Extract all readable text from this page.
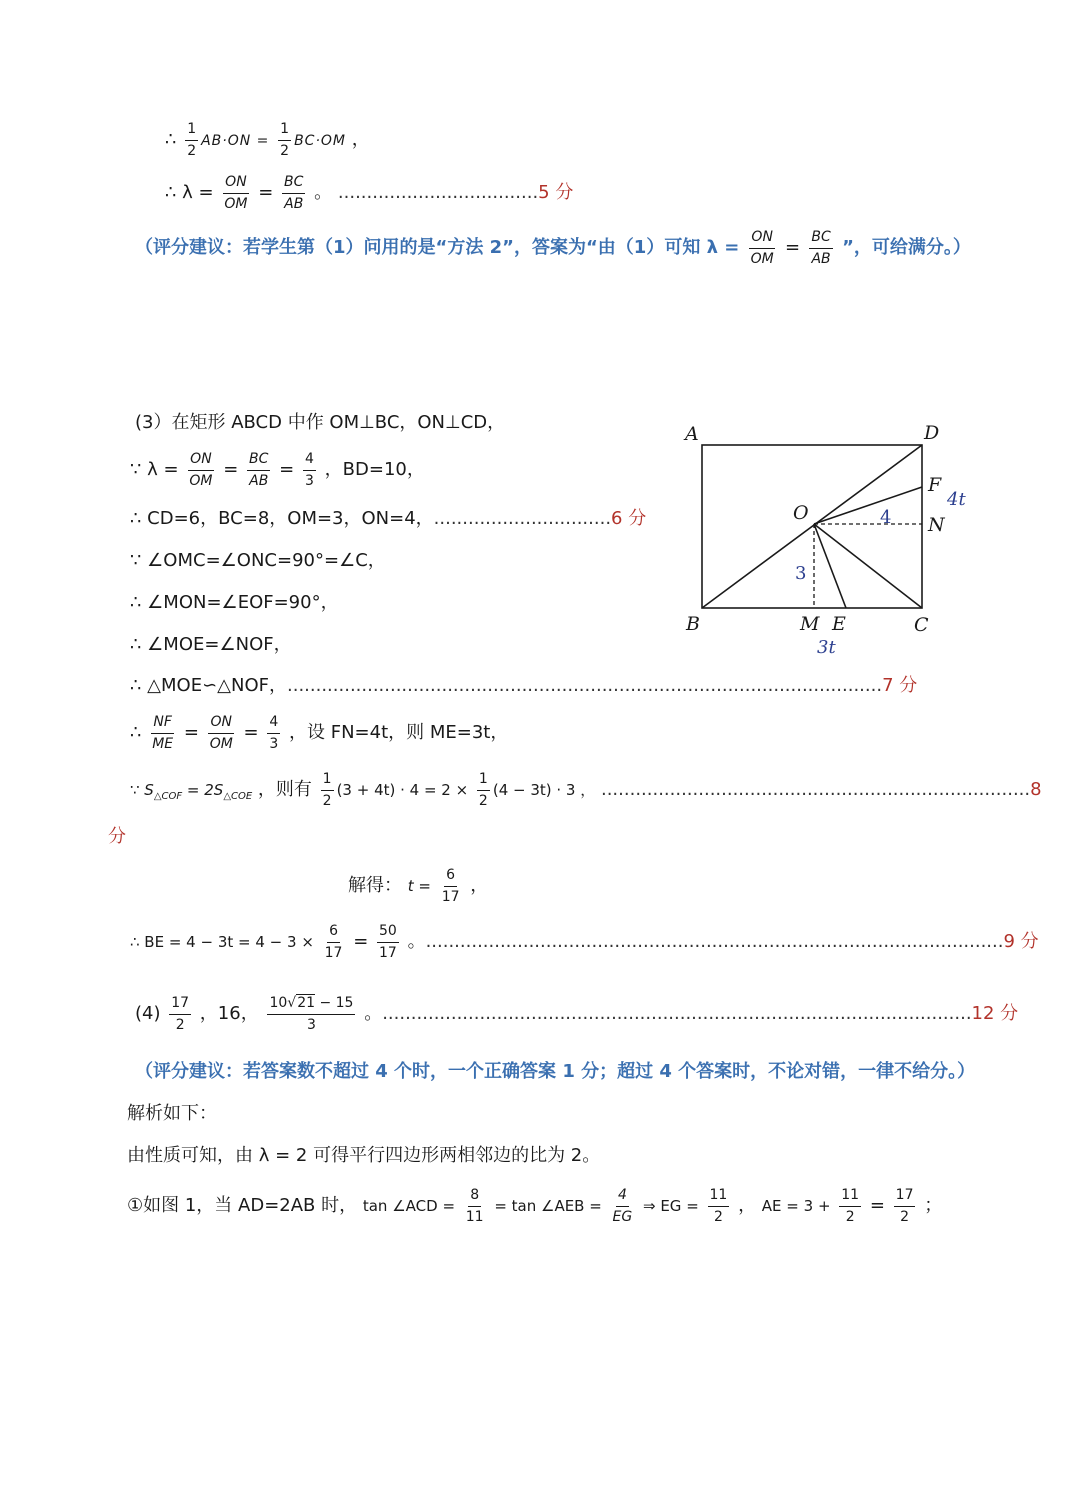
∴ $\frac{1}{2} AB\cdot ON = \frac{1}{2} BC\cdot OM$ ，
∴ $\lambda = \frac{ON}{OM} = \frac{BC}{AB}$ 。 ...................................5 分
（评分建议：若学生第（1）问用的是“方法 2”，答案为“由（1）可知 $\lambda = \frac{ON}{OM} = \frac{BC}{AB}$ ”，可给满分。）
(3）在矩形 ABCD 中作 OM⊥BC，ON⊥CD，
∵ $\lambda = \frac{ON}{OM} = \frac{BC}{AB} = \frac{4}{3}$ ，BD=10，
∴ CD=6，BC=8，OM=3，ON=4，...............................6 分
∵ ∠OMC=∠ONC=90°=∠C，
∴ ∠MON=∠EOF=90°，
∴ ∠MOE=∠NOF，
∴ △MOE∽△NOF，........................................................................................................7 分
∴ $\frac{NF}{ME} = \frac{ON}{OM} = \frac{4}{3}$ ，设 FN=4t，则 ME=3t，
∵ $S_{\triangle COF} = 2S_{\triangle COE}$ ，则有 $\frac{1}{2} (3 + 4t) \cdot 4 = 2 \times \frac{1}{2} (4 - 3t) \cdot 3$ ， ...........................................................................8
分
解得： $t = \frac{6}{17}$ ，
∴ BE = $4 - 3t = 4 - 3 \times \frac{6}{17} = \frac{50}{17}$ 。.....................................................................................................9 分
$(4) \frac{17}{2}$ ，16， $\frac{10√21 - 15}{3}$ 。.......................................................................................................12 分
（评分建议：若答案数不超过 4 个时，一个正确答案 1 分；超过 4 个答案时，不论对错，一律不给分。）
解析如下：
由性质可知，由 λ = 2 可得平行四边形两相邻边的比为 2。
①如图 1，当 AD=2AB 时， tan ∠ACD = $\frac{8}{11} = \tan$ ∠AEB = $\frac{4}{EG}$ ⇒ EG = $\frac{11}{2}$ ， AE = $3 + \frac{11}{2} = \frac{17}{2}$ ；
A	D
B	C
F
N
O
M E
4t
4
3
3t
